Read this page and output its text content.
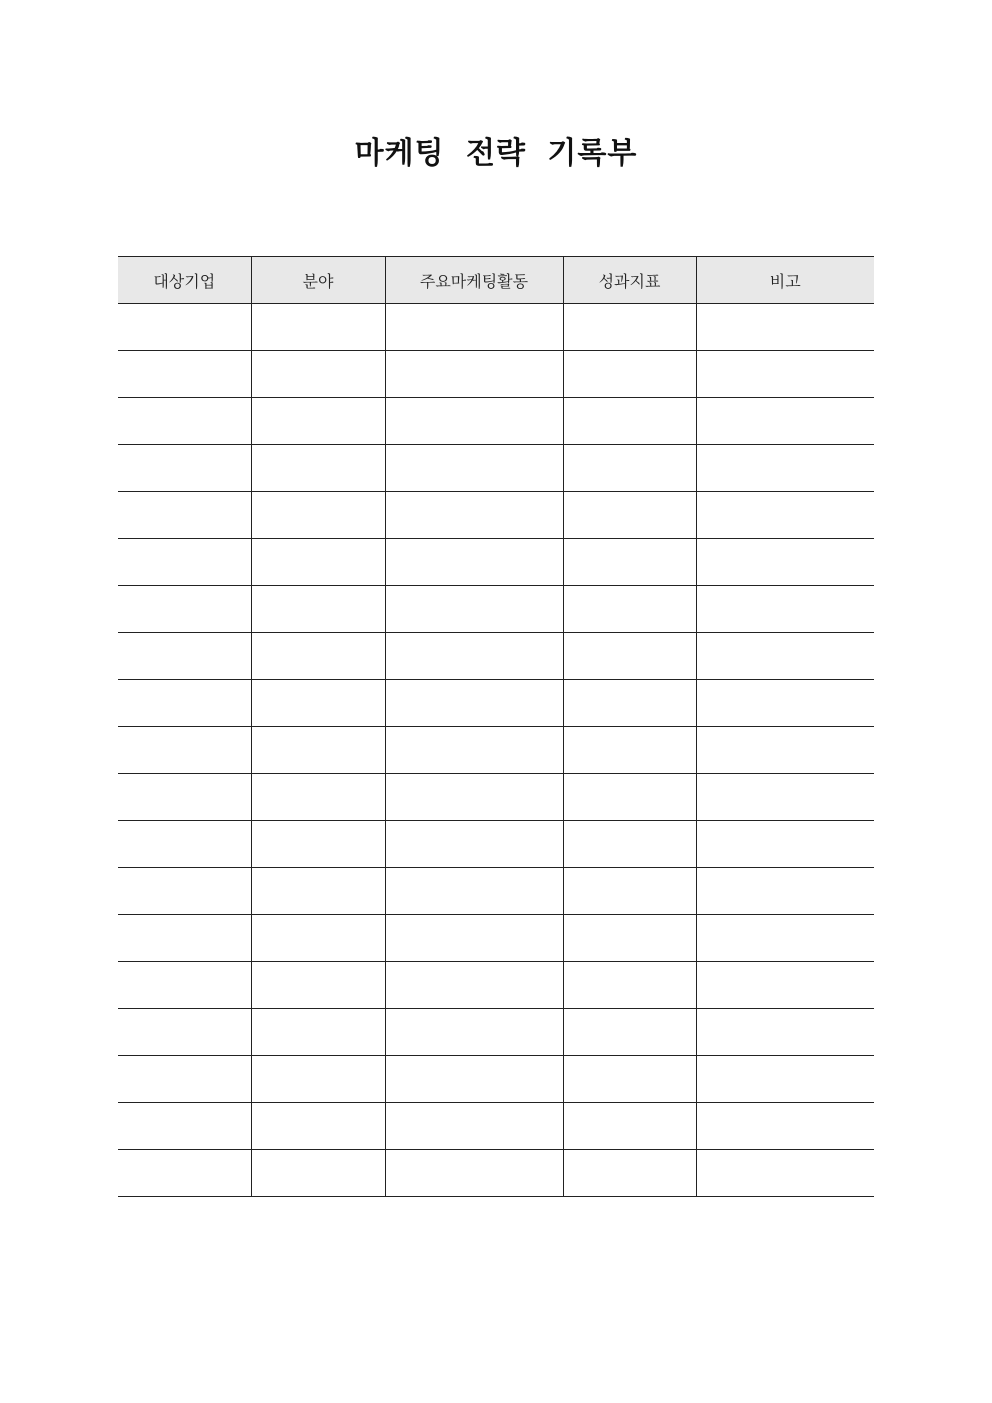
마케팅 전략 기록부
대상기업	분야	주요마케팅활동	성과지표	비고
